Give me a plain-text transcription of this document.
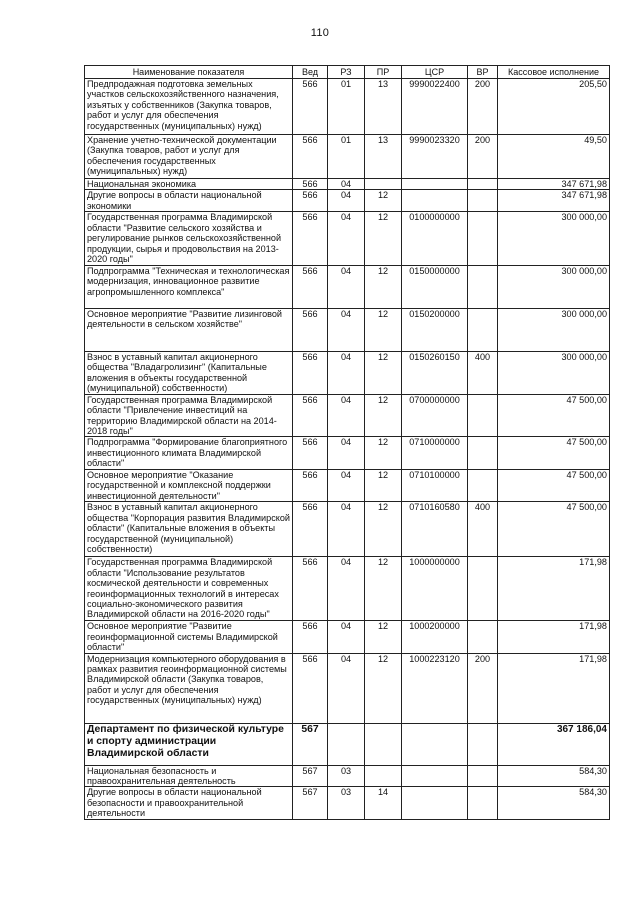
110
Наименование показателя	Вед	РЗ	ПР	ЦСР	ВР	Кассовое исполнение
Предпродажная подготовка земельных участков сельскохозяйственного назначения, изъятых у собственников (Закупка товаров, работ и услуг для обеспечения государственных (муниципальных) нужд)	566	01	13	9990022400	200	205,50
Хранение учетно-технической документации (Закупка товаров, работ и услуг для обеспечения государственных (муниципальных) нужд)	566	01	13	9990023320	200	49,50
Национальная экономика	566	04				347 671,98
Другие вопросы в области национальной экономики	566	04	12			347 671,98
Государственная программа Владимирской области "Развитие сельского хозяйства и регулирование рынков сельскохозяйственной продукции, сырья и продовольствия на 2013-2020 годы"	566	04	12	0100000000		300 000,00
Подпрограмма "Техническая и технологическая модернизация, инновационное развитие агропромышленного комплекса"	566	04	12	0150000000		300 000,00
Основное мероприятие "Развитие лизинговой деятельности в сельском хозяйстве"	566	04	12	0150200000		300 000,00
Взнос в уставный капитал акционерного общества "Владагролизинг" (Капитальные вложения в объекты государственной (муниципальной) собственности)	566	04	12	0150260150	400	300 000,00
Государственная программа Владимирской области "Привлечение инвестиций на территорию Владимирской области на 2014-2018 годы"	566	04	12	0700000000		47 500,00
Подпрограмма "Формирование благоприятного инвестиционного климата Владимирской области"	566	04	12	0710000000		47 500,00
Основное мероприятие "Оказание государственной и комплексной поддержки инвестиционной деятельности"	566	04	12	0710100000		47 500,00
Взнос в уставный капитал акционерного общества "Корпорация развития Владимирской области" (Капитальные вложения в объекты государственной (муниципальной) собственности)	566	04	12	0710160580	400	47 500,00
Государственная программа Владимирской области "Использование результатов космической деятельности и современных геоинформационных технологий в интересах социально-экономического развития Владимирской области на 2016-2020 годы"	566	04	12	1000000000		171,98
Основное мероприятие "Развитие геоинформационной системы Владимирской области"	566	04	12	1000200000		171,98
Модернизация компьютерного оборудования в рамках развития геоинформационной системы Владимирской области (Закупка товаров, работ и услуг для обеспечения государственных (муниципальных) нужд)	566	04	12	1000223120	200	171,98
Департамент по физической культуре и спорту администрации Владимирской области	567					367 186,04
Национальная безопасность и правоохранительная деятельность	567	03				584,30
Другие вопросы в области национальной безопасности и правоохранительной деятельности	567	03	14			584,30
